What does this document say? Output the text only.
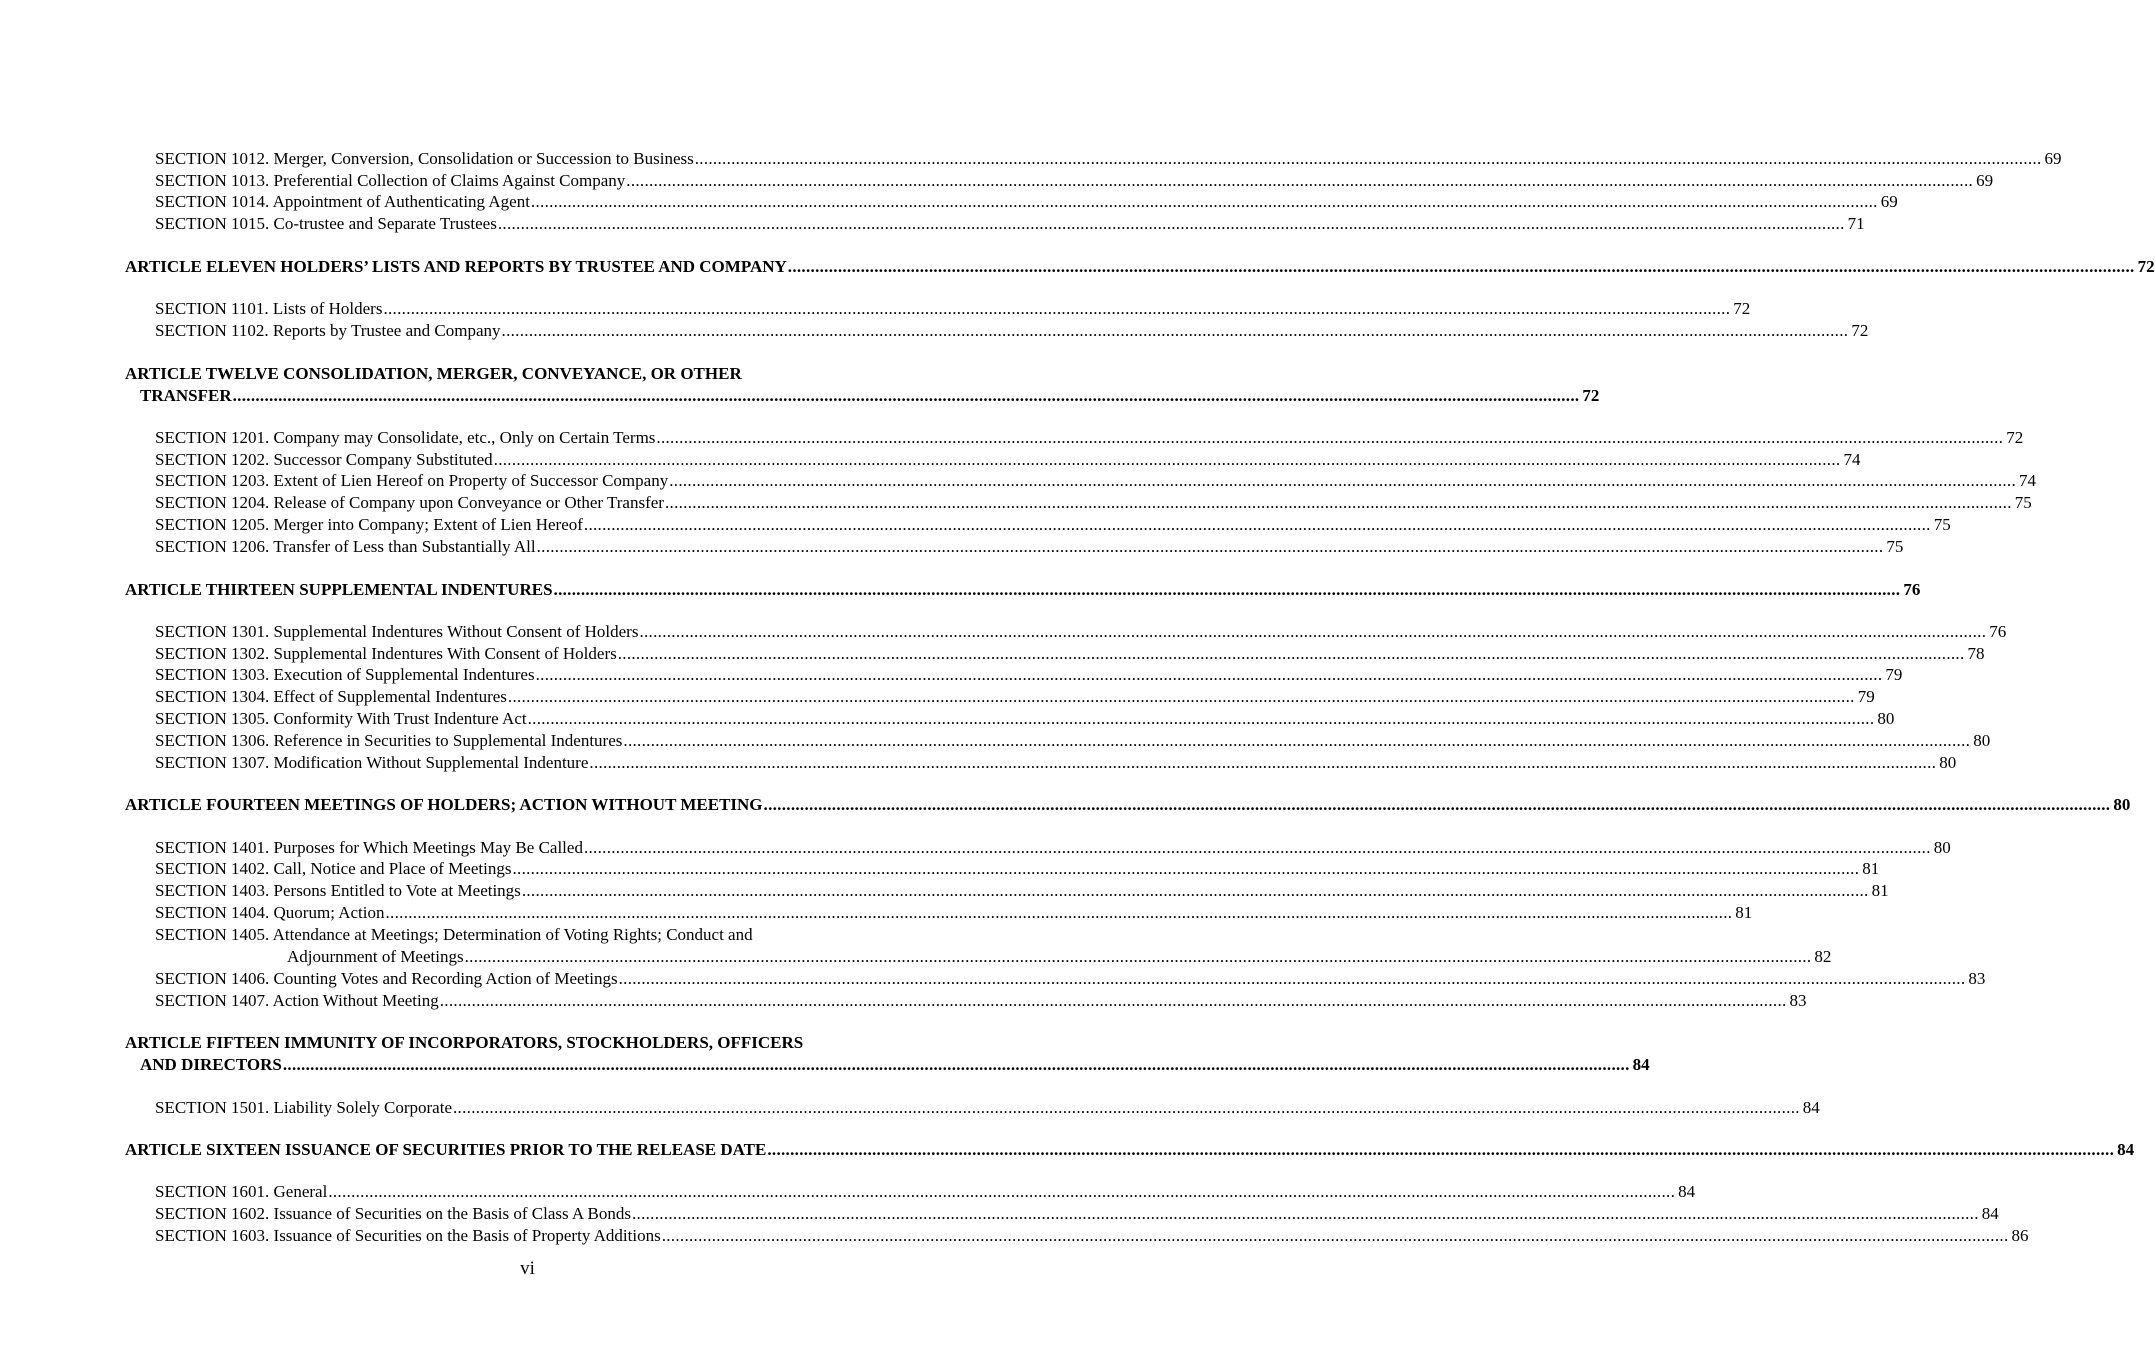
SECTION 1012. Merger, Conversion, Consolidation or Succession to Business .....	69
SECTION 1013. Preferential Collection of Claims Against Company .....	69
SECTION 1014. Appointment of Authenticating Agent .....	69
SECTION 1015. Co-trustee and Separate Trustees .....	71
ARTICLE ELEVEN HOLDERS’ LISTS AND REPORTS BY TRUSTEE AND COMPANY .....	72
SECTION 1101. Lists of Holders .....	72
SECTION 1102. Reports by Trustee and Company .....	72
ARTICLE TWELVE CONSOLIDATION, MERGER, CONVEYANCE, OR OTHER
TRANSFER .....	72
SECTION 1201. Company may Consolidate, etc., Only on Certain Terms .....	72
SECTION 1202. Successor Company Substituted .....	74
SECTION 1203. Extent of Lien Hereof on Property of Successor Company .....	74
SECTION 1204. Release of Company upon Conveyance or Other Transfer .....	75
SECTION 1205. Merger into Company; Extent of Lien Hereof .....	75
SECTION 1206. Transfer of Less than Substantially All .....	75
ARTICLE THIRTEEN SUPPLEMENTAL INDENTURES .....	76
SECTION 1301. Supplemental Indentures Without Consent of Holders .....	76
SECTION 1302. Supplemental Indentures With Consent of Holders .....	78
SECTION 1303. Execution of Supplemental Indentures .....	79
SECTION 1304. Effect of Supplemental Indentures .....	79
SECTION 1305. Conformity With Trust Indenture Act .....	80
SECTION 1306. Reference in Securities to Supplemental Indentures .....	80
SECTION 1307. Modification Without Supplemental Indenture .....	80
ARTICLE FOURTEEN MEETINGS OF HOLDERS; ACTION WITHOUT MEETING .....	80
SECTION 1401. Purposes for Which Meetings May Be Called .....	80
SECTION 1402. Call, Notice and Place of Meetings .....	81
SECTION 1403. Persons Entitled to Vote at Meetings .....	81
SECTION 1404. Quorum; Action .....	81
SECTION 1405. Attendance at Meetings; Determination of Voting Rights; Conduct and
Adjournment of Meetings .....	82
SECTION 1406. Counting Votes and Recording Action of Meetings .....	83
SECTION 1407. Action Without Meeting .....	83
ARTICLE FIFTEEN IMMUNITY OF INCORPORATORS, STOCKHOLDERS, OFFICERS
AND DIRECTORS .....	84
SECTION 1501. Liability Solely Corporate .....	84
ARTICLE SIXTEEN ISSUANCE OF SECURITIES PRIOR TO THE RELEASE DATE .....	84
SECTION 1601. General .....	84
SECTION 1602. Issuance of Securities on the Basis of Class A Bonds .....	84
SECTION 1603. Issuance of Securities on the Basis of Property Additions .....	86
vi
